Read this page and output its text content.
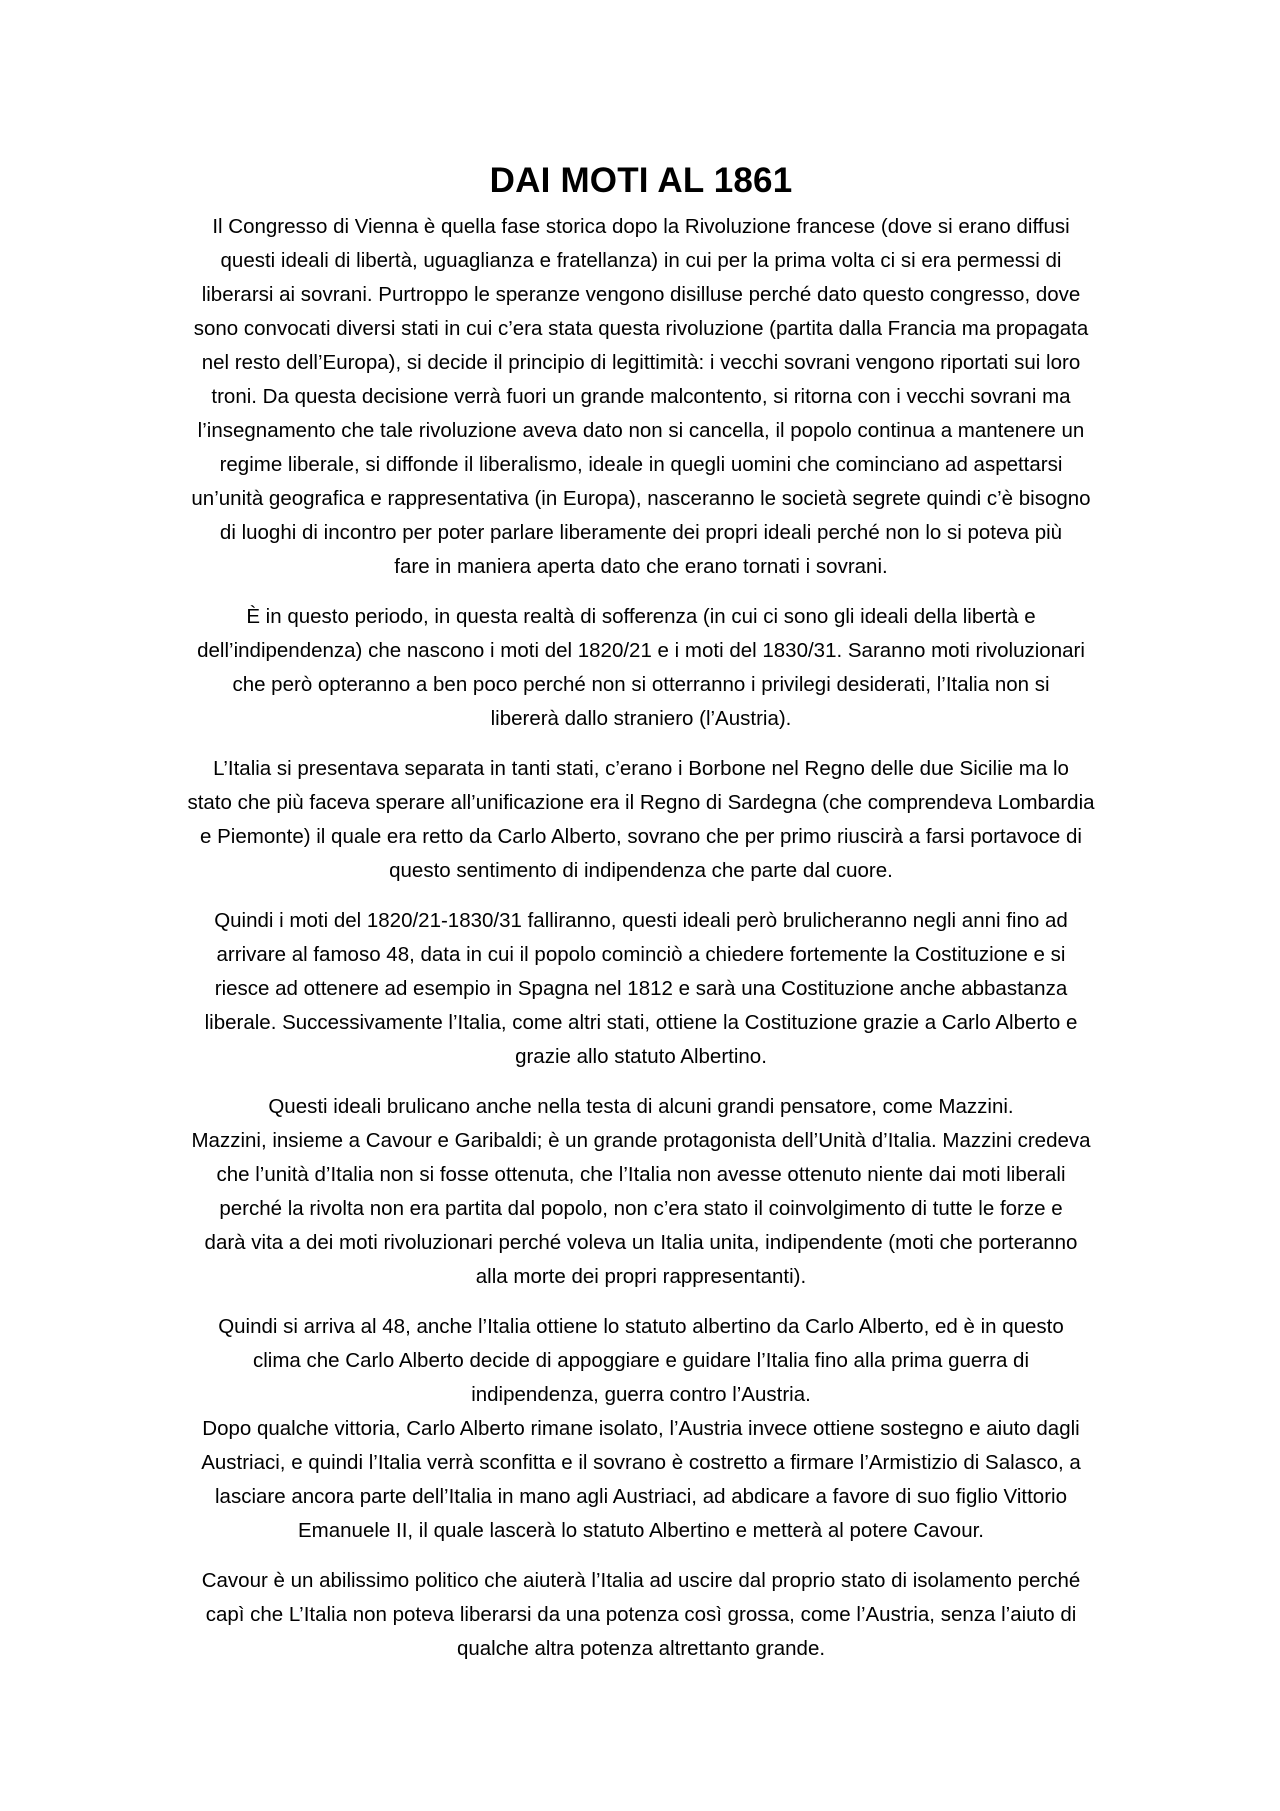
DAI MOTI AL 1861

Il Congresso di Vienna è quella fase storica dopo la Rivoluzione francese (dove si erano diffusi
questi ideali di libertà, uguaglianza e fratellanza) in cui per la prima volta ci si era permessi di
liberarsi ai sovrani. Purtroppo le speranze vengono disilluse perché dato questo congresso, dove
sono convocati diversi stati in cui c’era stata questa rivoluzione (partita dalla Francia ma propagata
nel resto dell’Europa), si decide il principio di legittimità: i vecchi sovrani vengono riportati sui loro
troni. Da questa decisione verrà fuori un grande malcontento, si ritorna con i vecchi sovrani ma
l’insegnamento che tale rivoluzione aveva dato non si cancella, il popolo continua a mantenere un
regime liberale, si diffonde il liberalismo, ideale in quegli uomini che cominciano ad aspettarsi
un’unità geografica e rappresentativa (in Europa), nasceranno le società segrete quindi c’è bisogno
di luoghi di incontro per poter parlare liberamente dei propri ideali perché non lo si poteva più
fare in maniera aperta dato che erano tornati i sovrani.

È in questo periodo, in questa realtà di sofferenza (in cui ci sono gli ideali della libertà e
dell’indipendenza) che nascono i moti del 1820/21 e i moti del 1830/31. Saranno moti rivoluzionari
che però opteranno a ben poco perché non si otterranno i privilegi desiderati, l’Italia non si
libererà dallo straniero (l’Austria).

L’Italia si presentava separata in tanti stati, c’erano i Borbone nel Regno delle due Sicilie ma lo
stato che più faceva sperare all’unificazione era il Regno di Sardegna (che comprendeva Lombardia
e Piemonte) il quale era retto da Carlo Alberto, sovrano che per primo riuscirà a farsi portavoce di
questo sentimento di indipendenza che parte dal cuore.

Quindi i moti del 1820/21-1830/31 falliranno, questi ideali però brulicheranno negli anni fino ad
arrivare al famoso 48, data in cui il popolo cominciò a chiedere fortemente la Costituzione e si
riesce ad ottenere ad esempio in Spagna nel 1812 e sarà una Costituzione anche abbastanza
liberale. Successivamente l’Italia, come altri stati, ottiene la Costituzione grazie a Carlo Alberto e
grazie allo statuto Albertino.

Questi ideali brulicano anche nella testa di alcuni grandi pensatore, come Mazzini.
Mazzini, insieme a Cavour e Garibaldi; è un grande protagonista dell’Unità d’Italia. Mazzini credeva
che l’unità d’Italia non si fosse ottenuta, che l’Italia non avesse ottenuto niente dai moti liberali
perché la rivolta non era partita dal popolo, non c’era stato il coinvolgimento di tutte le forze e
darà vita a dei moti rivoluzionari perché voleva un Italia unita, indipendente (moti che porteranno
alla morte dei propri rappresentanti).

Quindi si arriva al 48, anche l’Italia ottiene lo statuto albertino da Carlo Alberto, ed è in questo
clima che Carlo Alberto decide di appoggiare e guidare l’Italia fino alla prima guerra di
indipendenza, guerra contro l’Austria.
Dopo qualche vittoria, Carlo Alberto rimane isolato, l’Austria invece ottiene sostegno e aiuto dagli
Austriaci, e quindi l’Italia verrà sconfitta e il sovrano è costretto a firmare l’Armistizio di Salasco, a
lasciare ancora parte dell’Italia in mano agli Austriaci, ad abdicare a favore di suo figlio Vittorio
Emanuele II, il quale lascerà lo statuto Albertino e metterà al potere Cavour.

Cavour è un abilissimo politico che aiuterà l’Italia ad uscire dal proprio stato di isolamento perché
capì che L’Italia non poteva liberarsi da una potenza così grossa, come l’Austria, senza l’aiuto di
qualche altra potenza altrettanto grande.
